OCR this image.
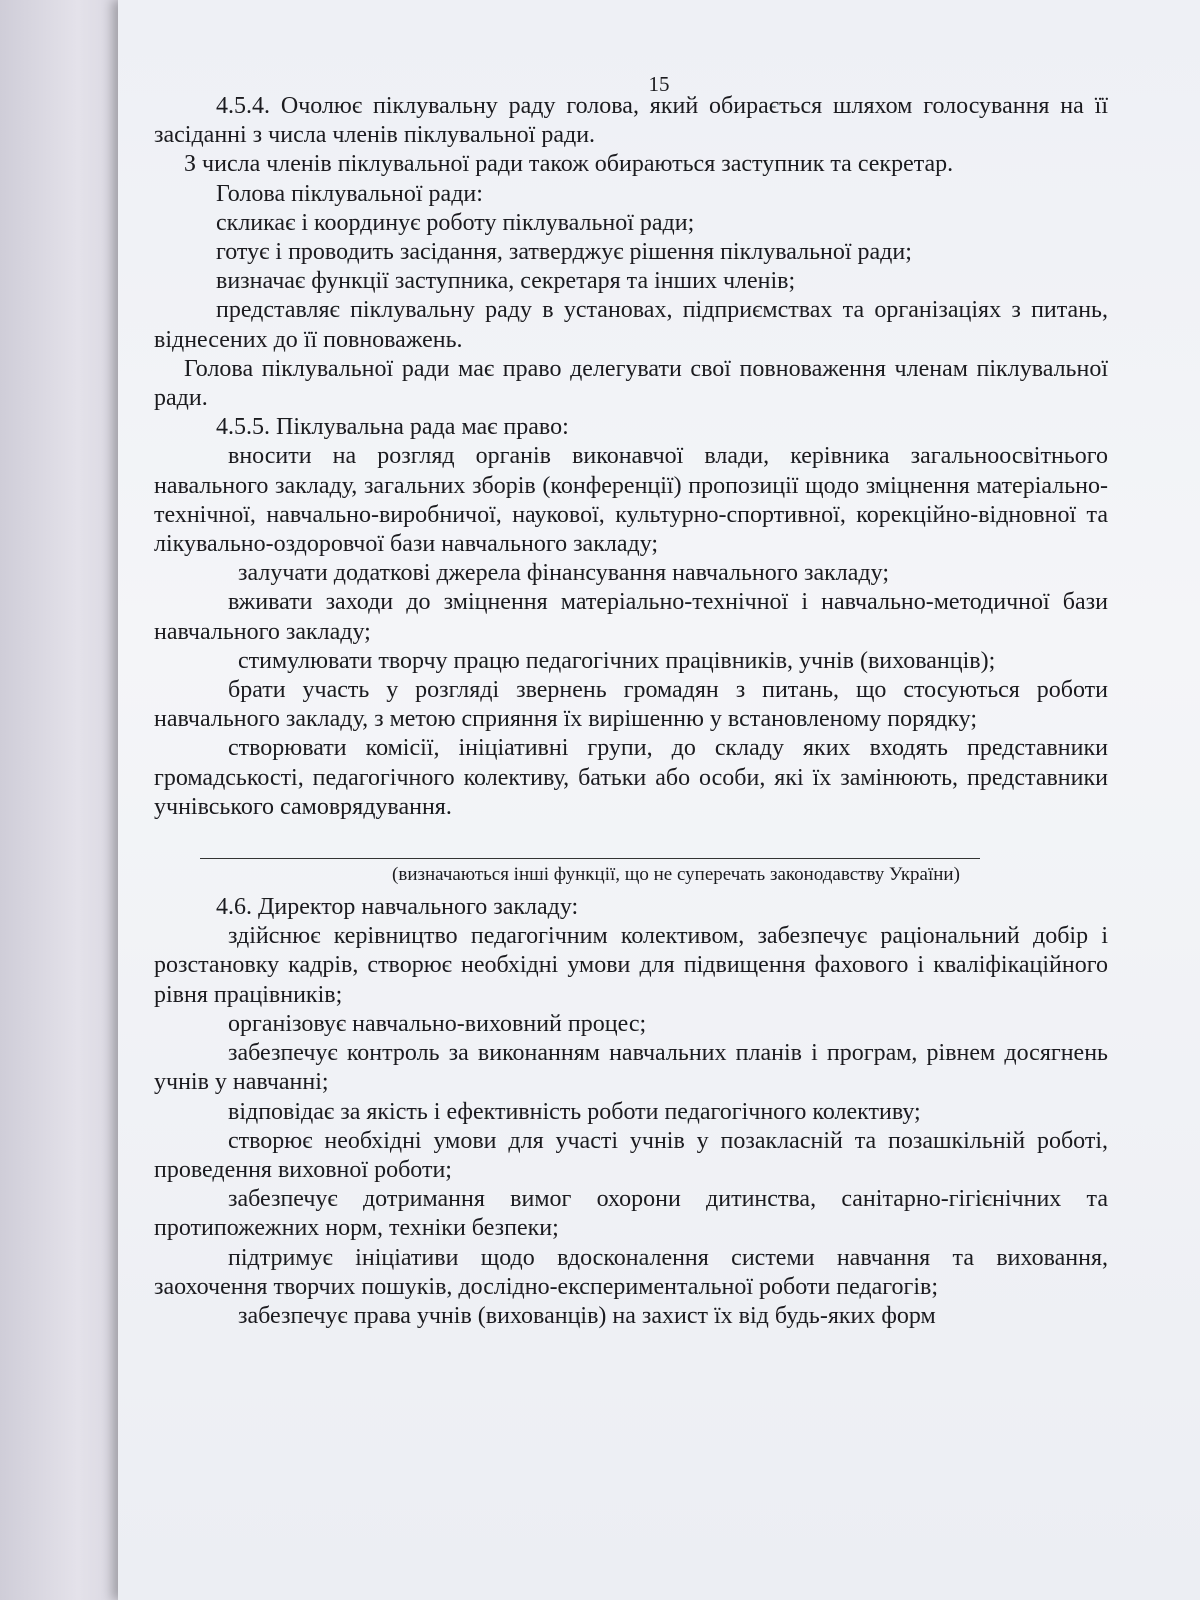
15

4.5.4. Очолює піклувальну раду голова, який обирається шляхом голосування на її засіданні з числа членів піклувальної ради.

З числа членів піклувальної ради також обираються заступник та секретар.

Голова піклувальної ради:

скликає і координує роботу піклувальної ради;

готує і проводить засідання, затверджує рішення піклувальної ради;

визначає функції заступника, секретаря та інших членів;

представляє піклувальну раду в установах, підприємствах та організаціях з питань, віднесених до її повноважень.

Голова піклувальної ради має право делегувати свої повноваження членам піклувальної ради.

4.5.5. Піклувальна рада має право:

вносити на розгляд органів виконавчої влади, керівника загальноосвітнього навального закладу, загальних зборів (конференції) пропозиції щодо зміцнення матеріально-технічної, навчально-виробничої, наукової, культурно-спортивної, корекційно-відновної та лікувально-оздоровчої бази навчального закладу;

залучати додаткові джерела фінансування навчального закладу;

вживати заходи до зміцнення матеріально-технічної і навчально-методичної бази навчального закладу;

стимулювати творчу працю педагогічних працівників, учнів (вихованців);

брати участь у розгляді звернень громадян з питань, що стосуються роботи навчального закладу, з метою сприяння їх вирішенню у встановленому порядку;

створювати комісії, ініціативні групи, до складу яких входять представники громадськості, педагогічного колективу, батьки або особи, які їх замінюють, представники учнівського самоврядування.

(визначаються інші функції, що не суперечать законодавству України)

4.6. Директор навчального закладу:

здійснює керівництво педагогічним колективом, забезпечує раціональний добір і розстановку кадрів, створює необхідні умови для підвищення фахового і кваліфікаційного рівня працівників;

організовує навчально-виховний процес;

забезпечує контроль за виконанням навчальних планів і програм, рівнем досягнень учнів у навчанні;

відповідає за якість і ефективність роботи педагогічного колективу;

створює необхідні умови для участі учнів у позакласній та позашкільній роботі, проведення виховної роботи;

забезпечує дотримання вимог охорони дитинства, санітарно-гігієнічних та протипожежних норм, техніки безпеки;

підтримує ініціативи щодо вдосконалення системи навчання та виховання, заохочення творчих пошуків, дослідно-експериментальної роботи педагогів;

забезпечує права учнів (вихованців) на захист їх від будь-яких форм
